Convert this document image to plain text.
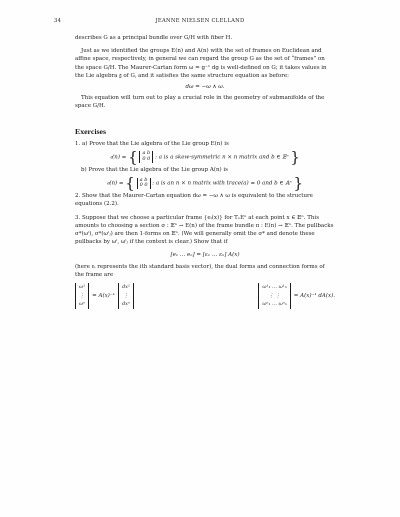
34	JEANNE NIELSEN CLELLAND

describes G as a principal bundle over G/H with fiber H.

Just as we identified the groups E(n) and A(n) with the set of frames on Euclidean and affine space, respectively, in general we can regard the group G as the set of “frames” on the space G/H. The Maurer-Cartan form ω = g⁻¹ dg is well-defined on G; it takes values in the Lie algebra 𝔤 of G, and it satisfies the same structure equation as before:

dω = −ω ∧ ω.

This equation will turn out to play a crucial role in the geometry of submanifolds of the space G/H.

Exercises

1. a) Prove that the Lie algebra of the Lie group E(n) is

𝔢(n) = { a b
0 0 : a is a skew-symmetric n × n matrix and b ∈ 𝔼ⁿ }

b) Prove that the Lie algebra of the Lie group A(n) is

𝔞(n) = { a b
0 0 : a is an n × n matrix with trace(a) = 0 and b ∈ 𝔸ⁿ }

2. Show that the Maurer-Cartan equation dω = −ω ∧ ω is equivalent to the structure equations (2.2).

3. Suppose that we choose a particular frame {eᵢ(x)} for TₓEⁿ at each point x ∈ 𝔼ⁿ. This amounts to choosing a section σ : 𝔼ⁿ → E(n) of the frame bundle π : E(n) → 𝔼ⁿ. The pullbacks σ*(ωⁱ), σ*(ωⁱⱼ) are then 1-forms on 𝔼ⁿ. (We will generally omit the σ* and denote these pullbacks by ωⁱ, ωⁱⱼ if the context is clear.) Show that if

[e₁ … eₙ] = [ε₁ … εₙ] A(x)

(here εᵢ represents the ith standard basis vector), the dual forms and connection forms of the frame are

ω¹
⋮
ωⁿ
= A(x)⁻¹
dx¹
⋮
dxⁿ
ω¹₁ … ω¹ₙ
⋮ ⋮
ωⁿ₁ … ωⁿₙ
= A(x)⁻¹ dA(x).
